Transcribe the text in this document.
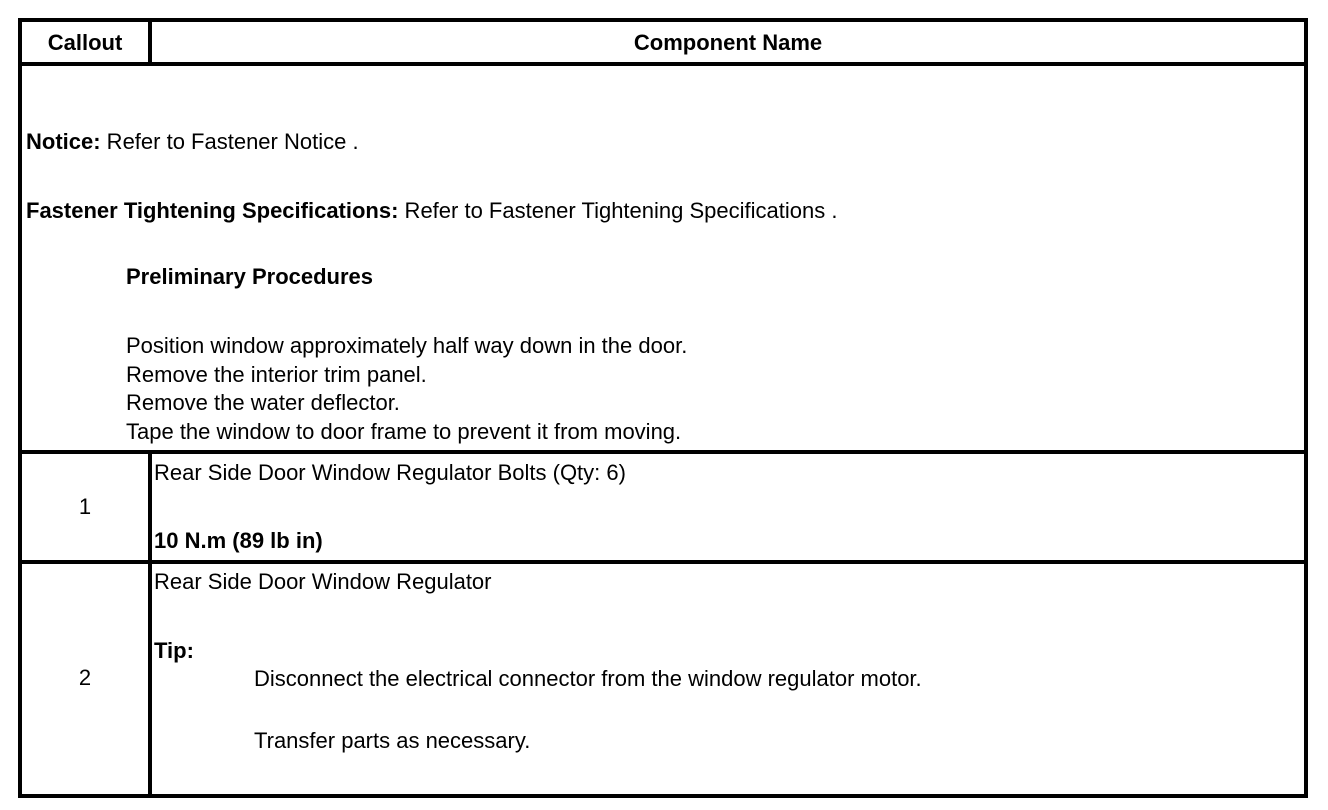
Callout	Component Name
Notice: Refer to Fastener Notice .
Fastener Tightening Specifications: Refer to Fastener Tightening Specifications .
Preliminary Procedures
Position window approximately half way down in the door.
Remove the interior trim panel.
Remove the water deflector.
Tape the window to door frame to prevent it from moving.
1
Rear Side Door Window Regulator Bolts (Qty: 6)
10 N.m (89 lb in)
2
Rear Side Door Window Regulator
Tip:
Disconnect the electrical connector from the window regulator motor.
Transfer parts as necessary.
